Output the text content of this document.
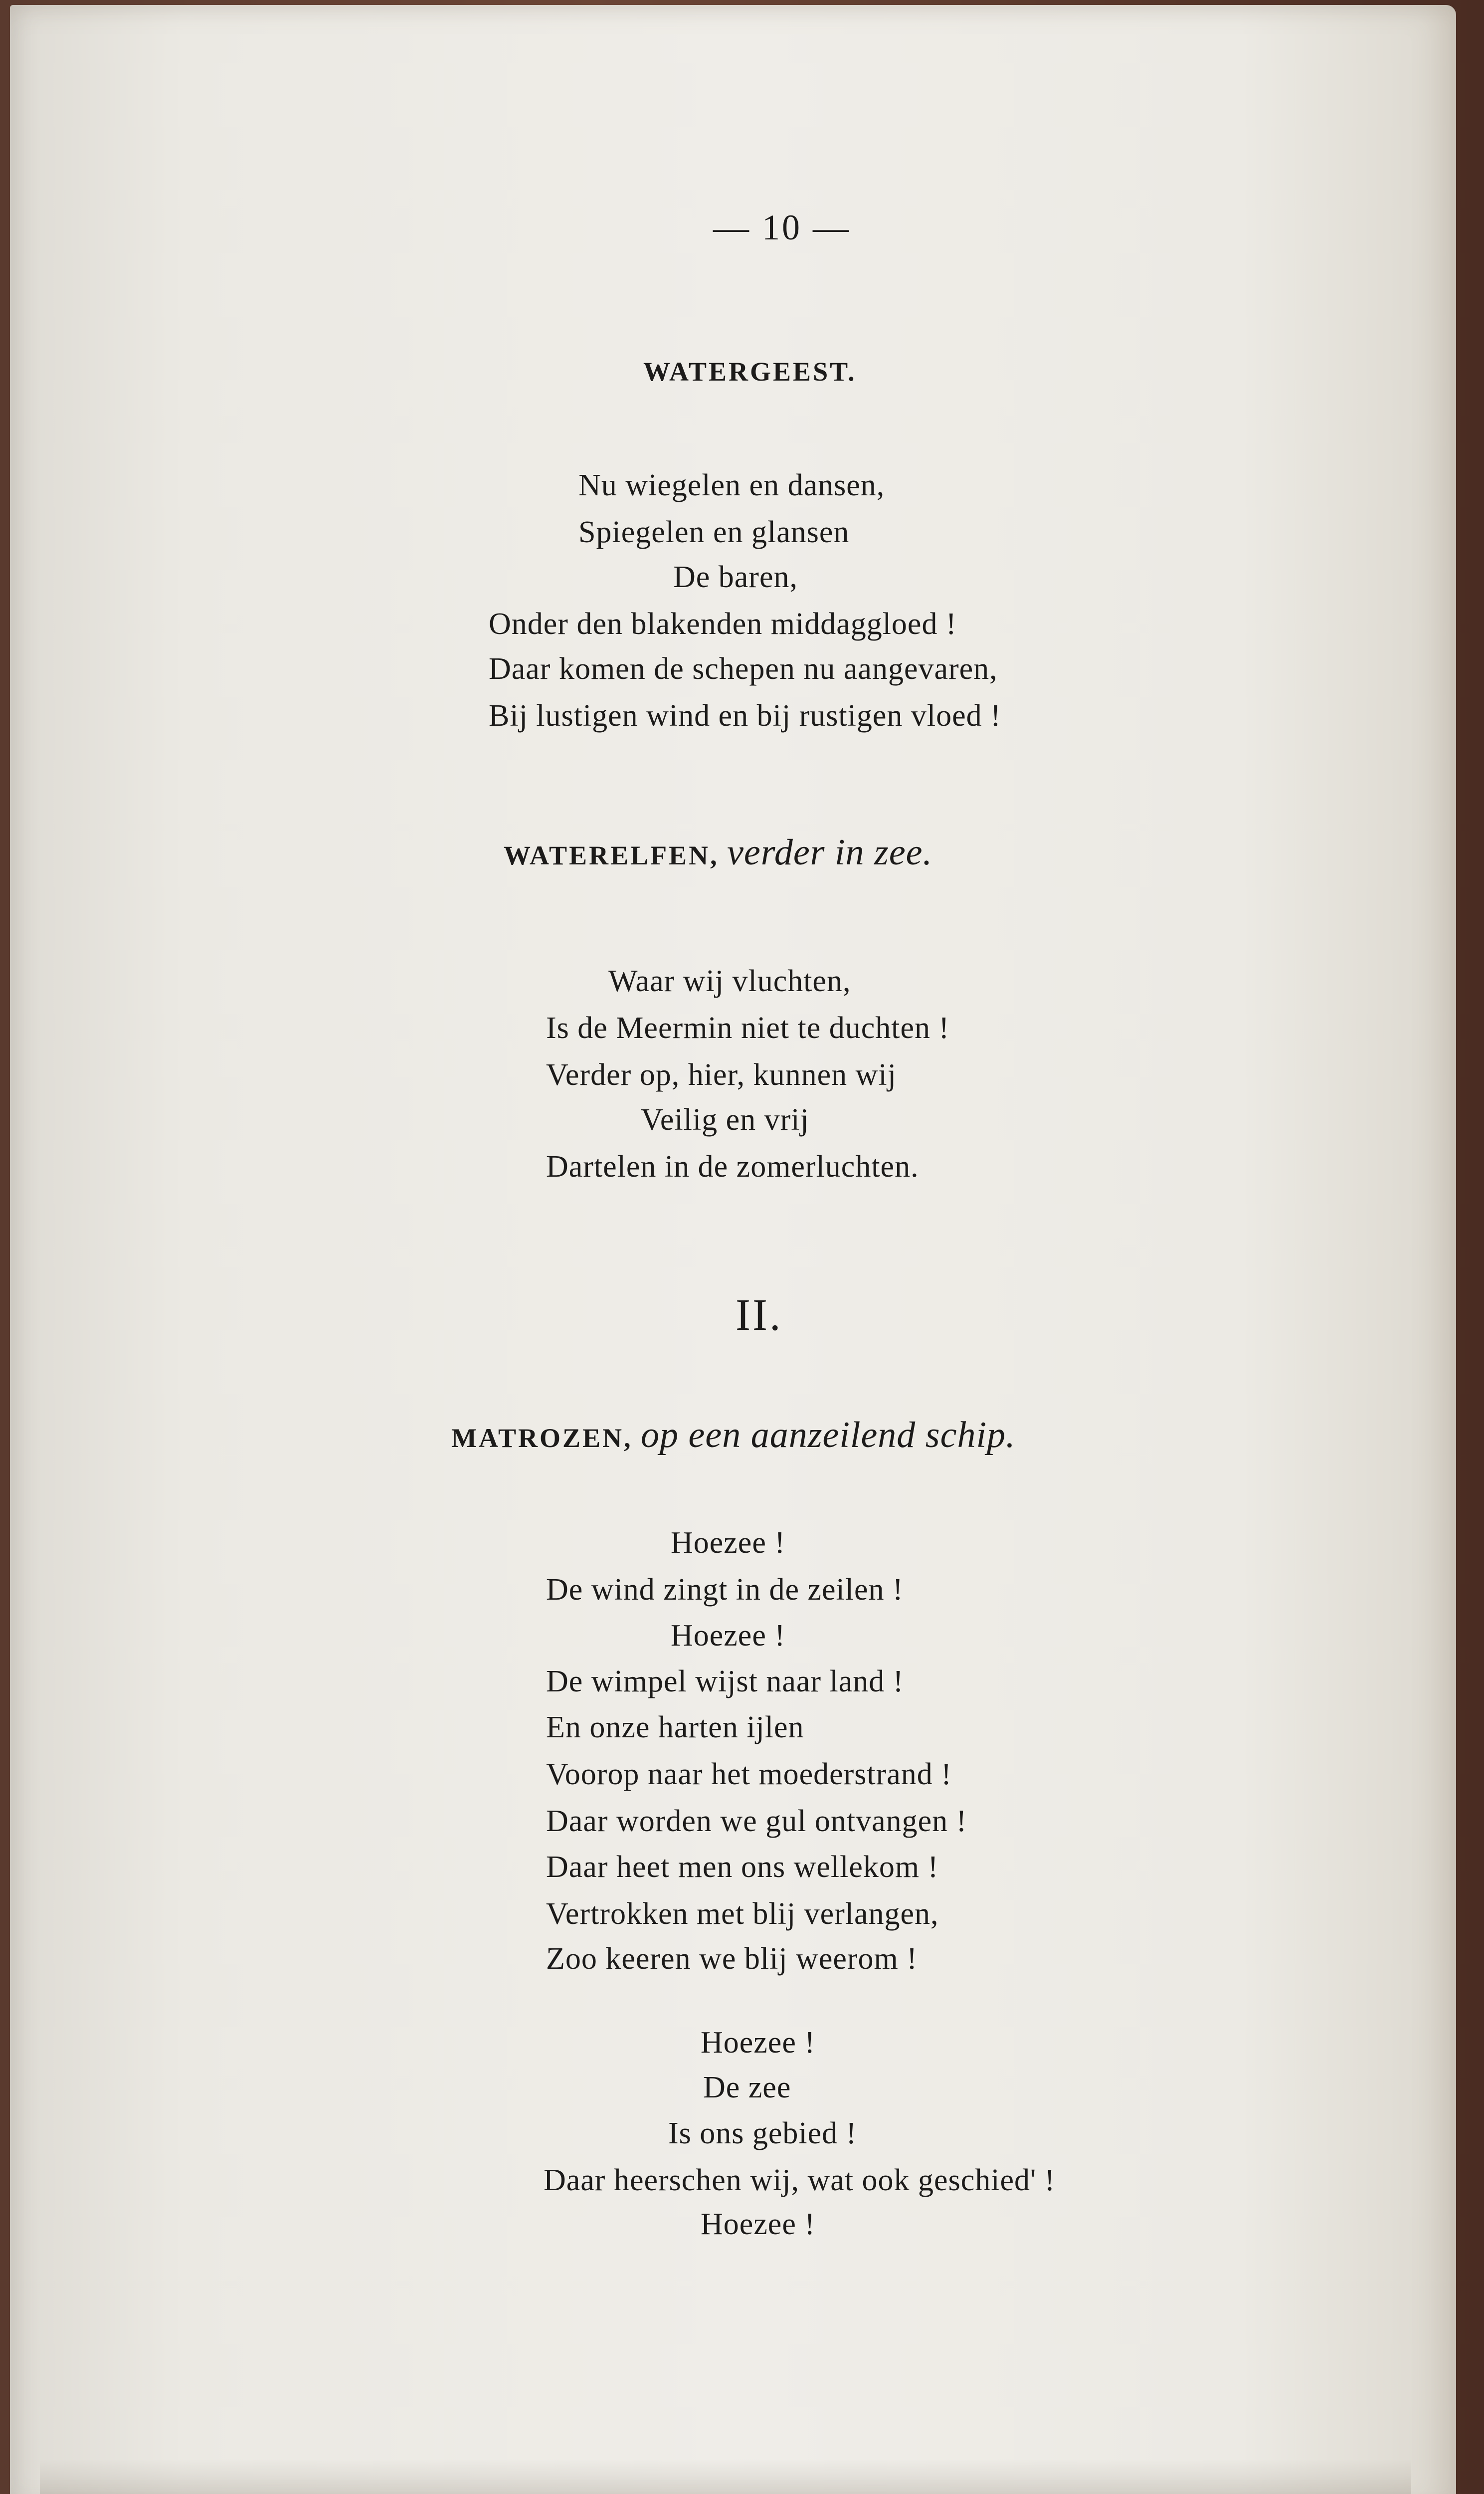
— 10 —
WATERGEEST.
Nu wiegelen en dansen,
Spiegelen en glansen
De baren,
Onder den blakenden middaggloed !
Daar komen de schepen nu aangevaren,
Bij lustigen wind en bij rustigen vloed !
WATERELFEN, verder in zee.
Waar wij vluchten,
Is de Meermin niet te duchten !
Verder op, hier, kunnen wij
Veilig en vrij
Dartelen in de zomerluchten.
II.
MATROZEN, op een aanzeilend schip.
Hoezee !
De wind zingt in de zeilen !
Hoezee !
De wimpel wijst naar land !
En onze harten ijlen
Voorop naar het moederstrand !
Daar worden we gul ontvangen !
Daar heet men ons wellekom !
Vertrokken met blij verlangen,
Zoo keeren we blij weerom !
Hoezee !
De zee
Is ons gebied !
Daar heerschen wij, wat ook geschied' !
Hoezee !
